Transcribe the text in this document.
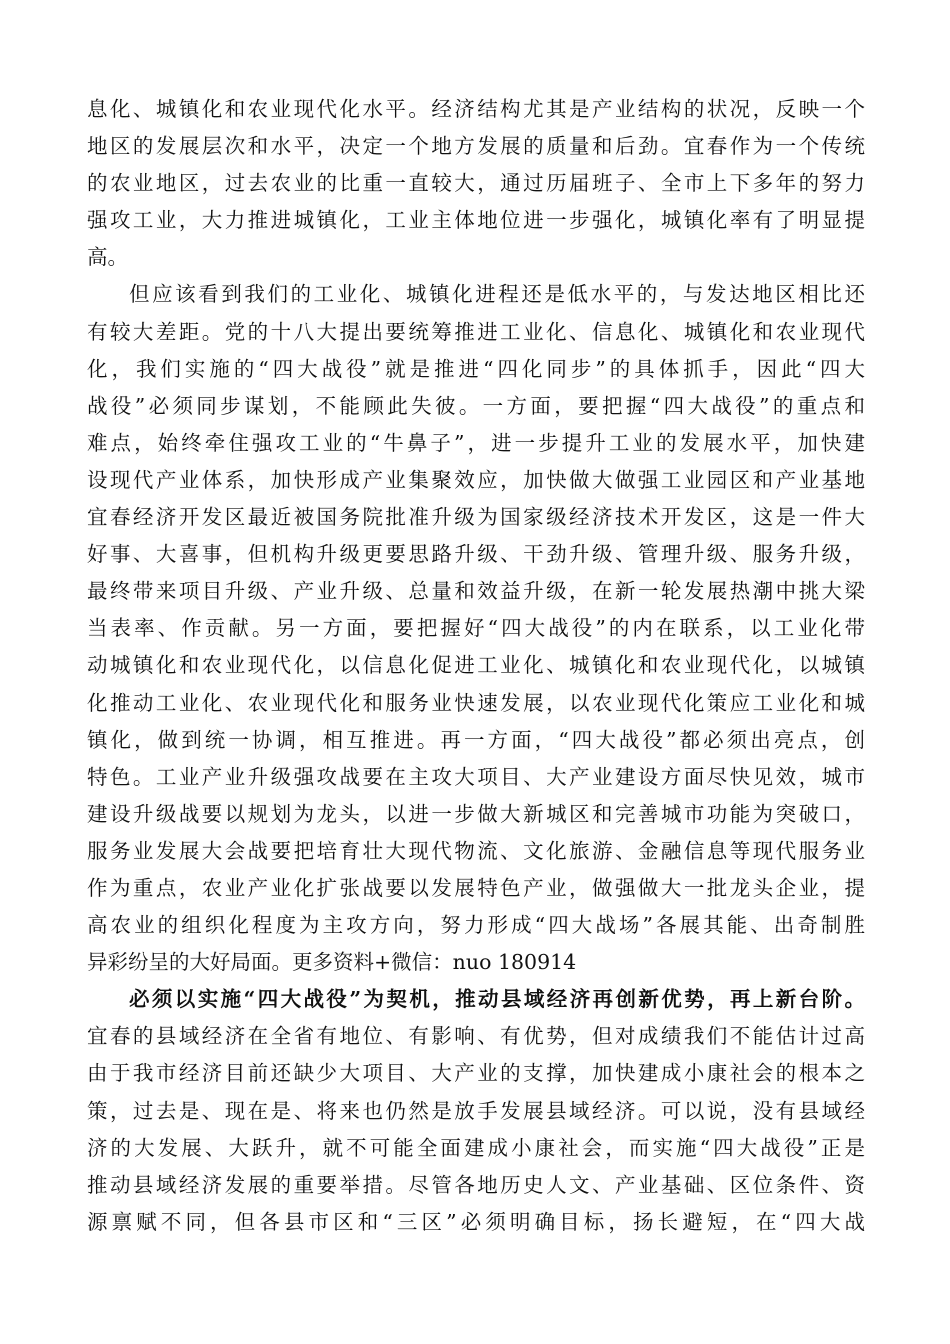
息化、城镇化和农业现代化水平。经济结构尤其是产业结构的状况，反映一个
地区的发展层次和水平，决定一个地方发展的质量和后劲。宜春作为一个传统
的农业地区，过去农业的比重一直较大，通过历届班子、全市上下多年的努力
强攻工业，大力推进城镇化，工业主体地位进一步强化，城镇化率有了明显提
高。
但应该看到我们的工业化、城镇化进程还是低水平的，与发达地区相比还
有较大差距。党的十八大提出要统筹推进工业化、信息化、城镇化和农业现代
化，我们实施的“四大战役”就是推进“四化同步”的具体抓手，因此“四大
战役”必须同步谋划，不能顾此失彼。一方面，要把握“四大战役”的重点和
难点，始终牵住强攻工业的“牛鼻子”，进一步提升工业的发展水平，加快建
设现代产业体系，加快形成产业集聚效应，加快做大做强工业园区和产业基地
宜春经济开发区最近被国务院批准升级为国家级经济技术开发区，这是一件大
好事、大喜事，但机构升级更要思路升级、干劲升级、管理升级、服务升级，
最终带来项目升级、产业升级、总量和效益升级，在新一轮发展热潮中挑大梁
当表率、作贡献。另一方面，要把握好“四大战役”的内在联系，以工业化带
动城镇化和农业现代化，以信息化促进工业化、城镇化和农业现代化，以城镇
化推动工业化、农业现代化和服务业快速发展，以农业现代化策应工业化和城
镇化，做到统一协调，相互推进。再一方面，“四大战役”都必须出亮点，创
特色。工业产业升级强攻战要在主攻大项目、大产业建设方面尽快见效，城市
建设升级战要以规划为龙头，以进一步做大新城区和完善城市功能为突破口，
服务业发展大会战要把培育壮大现代物流、文化旅游、金融信息等现代服务业
作为重点，农业产业化扩张战要以发展特色产业，做强做大一批龙头企业，提
高农业的组织化程度为主攻方向，努力形成“四大战场”各展其能、出奇制胜
异彩纷呈的大好局面。更多资料+微信：nuo 180914
必须以实施“四大战役”为契机，推动县域经济再创新优势，再上新台阶。
宜春的县域经济在全省有地位、有影响、有优势，但对成绩我们不能估计过高
由于我市经济目前还缺少大项目、大产业的支撑，加快建成小康社会的根本之
策，过去是、现在是、将来也仍然是放手发展县域经济。可以说，没有县域经
济的大发展、大跃升，就不可能全面建成小康社会，而实施“四大战役”正是
推动县域经济发展的重要举措。尽管各地历史人文、产业基础、区位条件、资
源禀赋不同，但各县市区和“三区”必须明确目标，扬长避短，在“四大战
